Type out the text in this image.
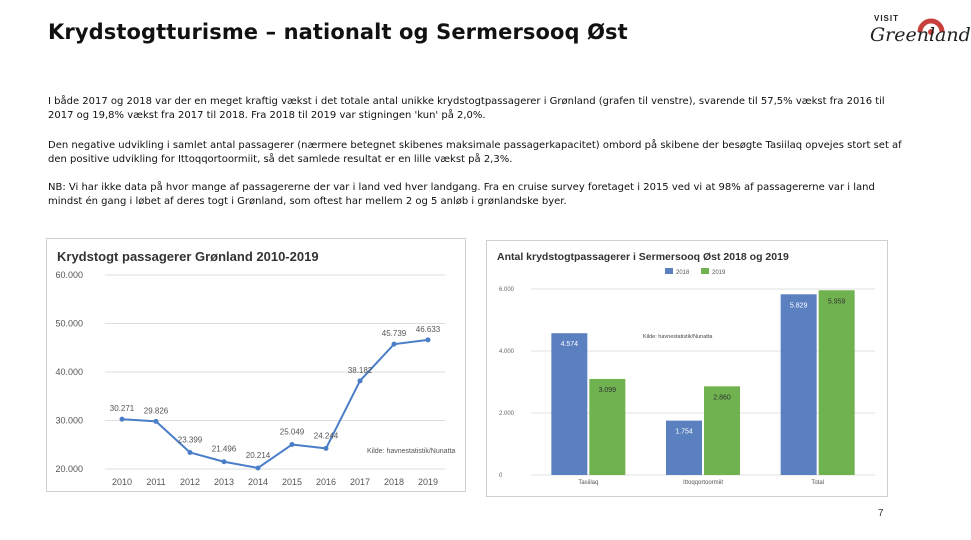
Krydstogtturisme – nationalt og Sermersooq Øst
VISIT
Greenland
I både 2017 og 2018 var der en meget kraftig vækst i det totale antal unikke krydstogtpassagerer i Grønland (grafen til venstre), svarende til 57,5% vækst fra 2016 til 2017 og 19,8% vækst fra 2017 til 2018. Fra 2018 til 2019 var stigningen 'kun' på 2,0%.
Den negative udvikling i samlet antal passagerer (nærmere betegnet skibenes maksimale passagerkapacitet) ombord på skibene der besøgte Tasiilaq opvejes stort set af den positive udvikling for Ittoqqortoormiit, så det samlede resultat er en lille vækst på 2,3%.
NB: Vi har ikke data på hvor mange af passagererne der var i land ved hver landgang. Fra en cruise survey foretaget i 2015 ved vi at 98% af passagererne var i land mindst én gang i løbet af deres togt i Grønland, som oftest har mellem 2 og 5 anløb i grønlandske byer.
Krydstogt passagerer Grønland 2010-2019
60.000
50.000
40.000
30.000
20.000
2010 2011 2012 2013 2014 2015 2016 2017 2018 2019
30.271 29.826
23.399
21.496
20.214
25.049 24.244
38.182
45.739 46.633
Kilde: havnestatistik/Nunatta
Antal krydstogtpassagerer i Sermersooq Øst 2018 og 2019
2018	2019
6.000
4.000
2.000
0
4.574
3.099
Tasiilaq
1.754
2.860
Ittoqqortoormiit
5.829
5.959
Total
Kilde: havnestatistik/Nunatta
7
